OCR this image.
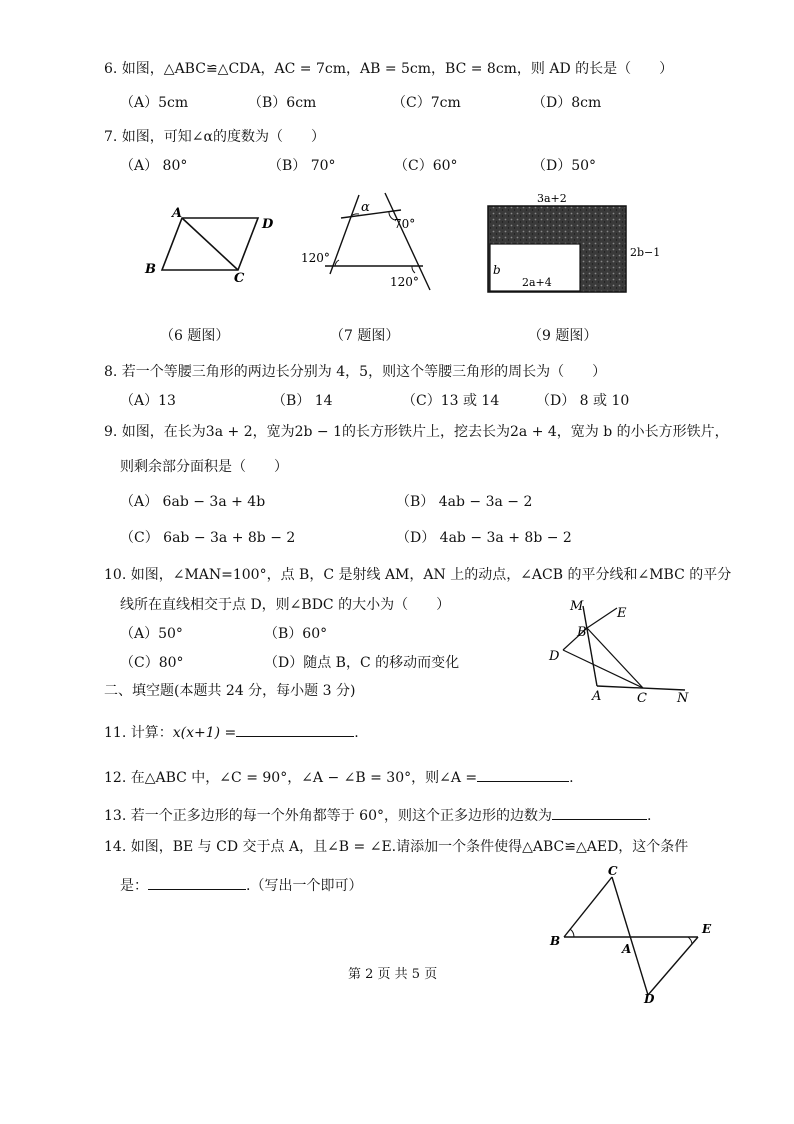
6. 如图，△ABC≌△CDA，AC = 7cm，AB = 5cm，BC = 8cm，则 AD 的长是（　　）
（A）5cm	（B）6cm	（C）7cm	（D）8cm
7. 如图，可知∠α的度数为（　　）
（A） 80°	（B） 70°	（C）60°	（D）50°
A
D
B
C
α
70°
120°
120°
3a+2
2b−1
b
2a+4
（6 题图）	（7 题图）	（9 题图）
8. 若一个等腰三角形的两边长分别为 4，5，则这个等腰三角形的周长为（　　）
（A）13	（B） 14	（C）13 或 14	（D） 8 或 10
9. 如图，在长为3a + 2，宽为2b − 1的长方形铁片上，挖去长为2a + 4，宽为 b 的小长方形铁片，
则剩余部分面积是（　　）
（A） 6ab − 3a + 4b	（B） 4ab − 3a − 2
（C） 6ab − 3a + 8b − 2	（D） 4ab − 3a + 8b − 2
10. 如图，∠MAN=100°，点 B，C 是射线 AM，AN 上的动点，∠ACB 的平分线和∠MBC 的平分
线所在直线相交于点 D，则∠BDC 的大小为（　　）
（A）50°	（B）60°
（C）80°	（D）随点 B，C 的移动而变化
M	E
B
D
A	C N
二、填空题(本题共 24 分，每小题 3 分)
11. 计算：x(x+1) =	.
12. 在△ABC 中，∠C = 90°，∠A − ∠B = 30°，则∠A =	.
13. 若一个正多边形的每一个外角都等于 60°，则这个正多边形的边数为	.
14. 如图，BE 与 CD 交于点 A，且∠B = ∠E.请添加一个条件使得△ABC≌△AED，这个条件
是：	.（写出一个即可）
C
E
B
A
D
第 2 页 共 5 页
